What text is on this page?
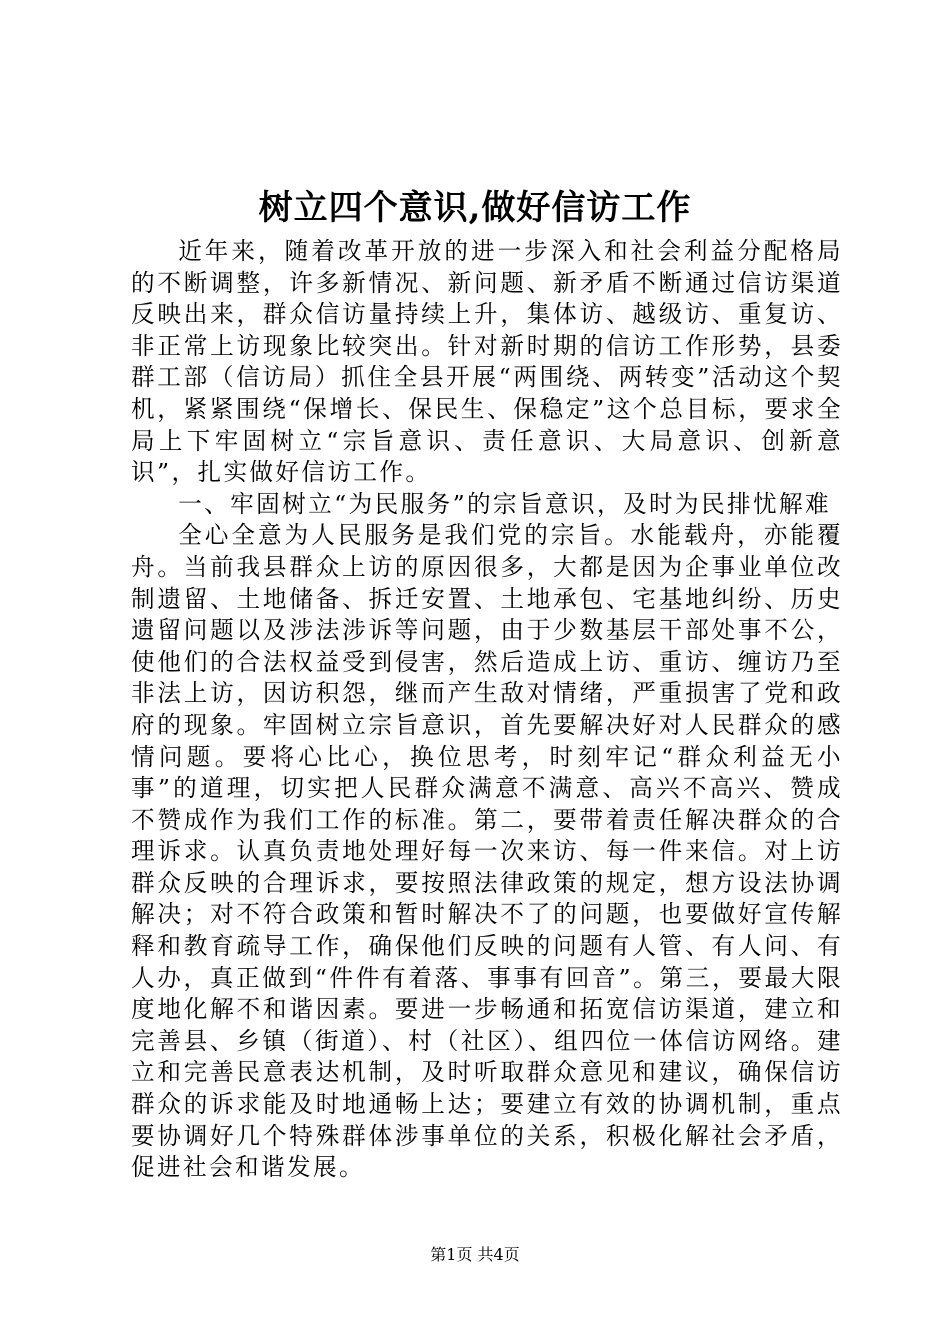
树立四个意识,做好信访工作

近年来，随着改革开放的进一步深入和社会利益分配格局的不断调整，许多新情况、新问题、新矛盾不断通过信访渠道反映出来，群众信访量持续上升，集体访、越级访、重复访、非正常上访现象比较突出。针对新时期的信访工作形势，县委群工部（信访局）抓住全县开展“两围绕、两转变”活动这个契机，紧紧围绕“保增长、保民生、保稳定”这个总目标，要求全局上下牢固树立“宗旨意识、责任意识、大局意识、创新意识”，扎实做好信访工作。

一、牢固树立“为民服务”的宗旨意识，及时为民排忧解难

全心全意为人民服务是我们党的宗旨。水能载舟，亦能覆舟。当前我县群众上访的原因很多，大都是因为企事业单位改制遗留、土地储备、拆迁安置、土地承包、宅基地纠纷、历史遗留问题以及涉法涉诉等问题，由于少数基层干部处事不公，使他们的合法权益受到侵害，然后造成上访、重访、缠访乃至非法上访，因访积怨，继而产生敌对情绪，严重损害了党和政府的现象。牢固树立宗旨意识，首先要解决好对人民群众的感情问题。要将心比心，换位思考，时刻牢记“群众利益无小事”的道理，切实把人民群众满意不满意、高兴不高兴、赞成不赞成作为我们工作的标准。第二，要带着责任解决群众的合理诉求。认真负责地处理好每一次来访、每一件来信。对上访群众反映的合理诉求，要按照法律政策的规定，想方设法协调解决；对不符合政策和暂时解决不了的问题，也要做好宣传解释和教育疏导工作，确保他们反映的问题有人管、有人问、有人办，真正做到“件件有着落、事事有回音”。第三，要最大限度地化解不和谐因素。要进一步畅通和拓宽信访渠道，建立和完善县、乡镇（街道）、村（社区）、组四位一体信访网络。建立和完善民意表达机制，及时听取群众意见和建议，确保信访群众的诉求能及时地通畅上达；要建立有效的协调机制，重点要协调好几个特殊群体涉事单位的关系，积极化解社会矛盾，促进社会和谐发展。

第1页 共4页
